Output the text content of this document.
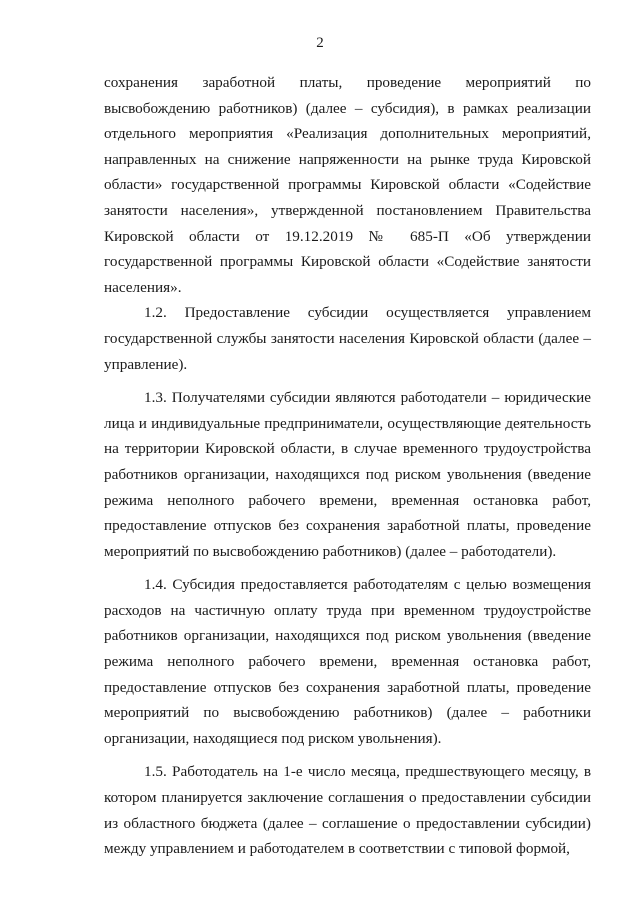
2

сохранения заработной платы, проведение мероприятий по высвобождению работников) (далее – субсидия), в рамках реализации отдельного мероприятия «Реализация дополнительных мероприятий, направленных на снижение напряженности на рынке труда Кировской области» государственной программы Кировской области «Содействие занятости населения», утвержденной постановлением Правительства Кировской области от 19.12.2019 № 685-П «Об утверждении государственной программы Кировской области «Содействие занятости населения».

1.2. Предоставление субсидии осуществляется управлением государственной службы занятости населения Кировской области (далее – управление).

1.3. Получателями субсидии являются работодатели – юридические лица и индивидуальные предприниматели, осуществляющие деятельность на территории Кировской области, в случае временного трудоустройства работников организации, находящихся под риском увольнения (введение режима неполного рабочего времени, временная остановка работ, предоставление отпусков без сохранения заработной платы, проведение мероприятий по высвобождению работников) (далее – работодатели).

1.4. Субсидия предоставляется работодателям с целью возмещения расходов на частичную оплату труда при временном трудоустройстве работников организации, находящихся под риском увольнения (введение режима неполного рабочего времени, временная остановка работ, предоставление отпусков без сохранения заработной платы, проведение мероприятий по высвобождению работников) (далее – работники организации, находящиеся под риском увольнения).

1.5. Работодатель на 1-е число месяца, предшествующего месяцу, в котором планируется заключение соглашения о предоставлении субсидии из областного бюджета (далее – соглашение о предоставлении субсидии) между управлением и работодателем в соответствии с типовой формой,
